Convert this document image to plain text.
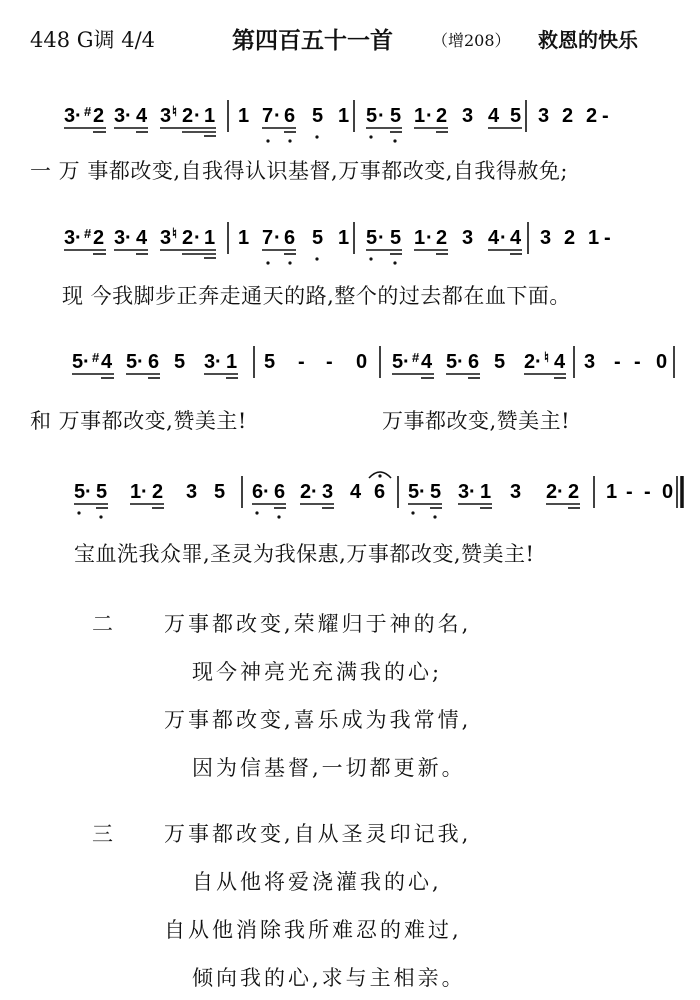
448 G调 4/4	第四百五十一首 （增208） 救恩的快乐
3 · # 2 3 · 4 3 ♮ 2 · 1 1 7 · 6 5 1 5 · 5 1 · 2 3 4 5 3 2 2 -
一 万 事都改变,自我得认识基督,万事都改变,自我得赦免;
3 · # 2 3 · 4 3 ♮ 2 · 1 1 7 · 6 5 1 5 · 5 1 · 2 3 4 · 4 3 2 1 -
现 今我脚步正奔走通天的路,整个的过去都在血下面。
5 · # 4 5 · 6 5 3 · 1 5 - - 0 5 · # 4 5 · 6 5 2 · ♮ 4 3 - - 0
和 万事都改变,赞美主!	万事都改变,赞美主!
5 · 5 1 · 2 3 5 6 · 6 2 · 3 4 6 5 · 5 3 · 1 3 2 · 2 1 - - 0
宝血洗我众罪,圣灵为我保惠,万事都改变,赞美主!
二 万事都改变,荣耀归于神的名,
现今神亮光充满我的心;
万事都改变,喜乐成为我常情,
因为信基督,一切都更新。
三 万事都改变,自从圣灵印记我,
自从他将爱浇灌我的心,
自从他消除我所难忍的难过,
倾向我的心,求与主相亲。
